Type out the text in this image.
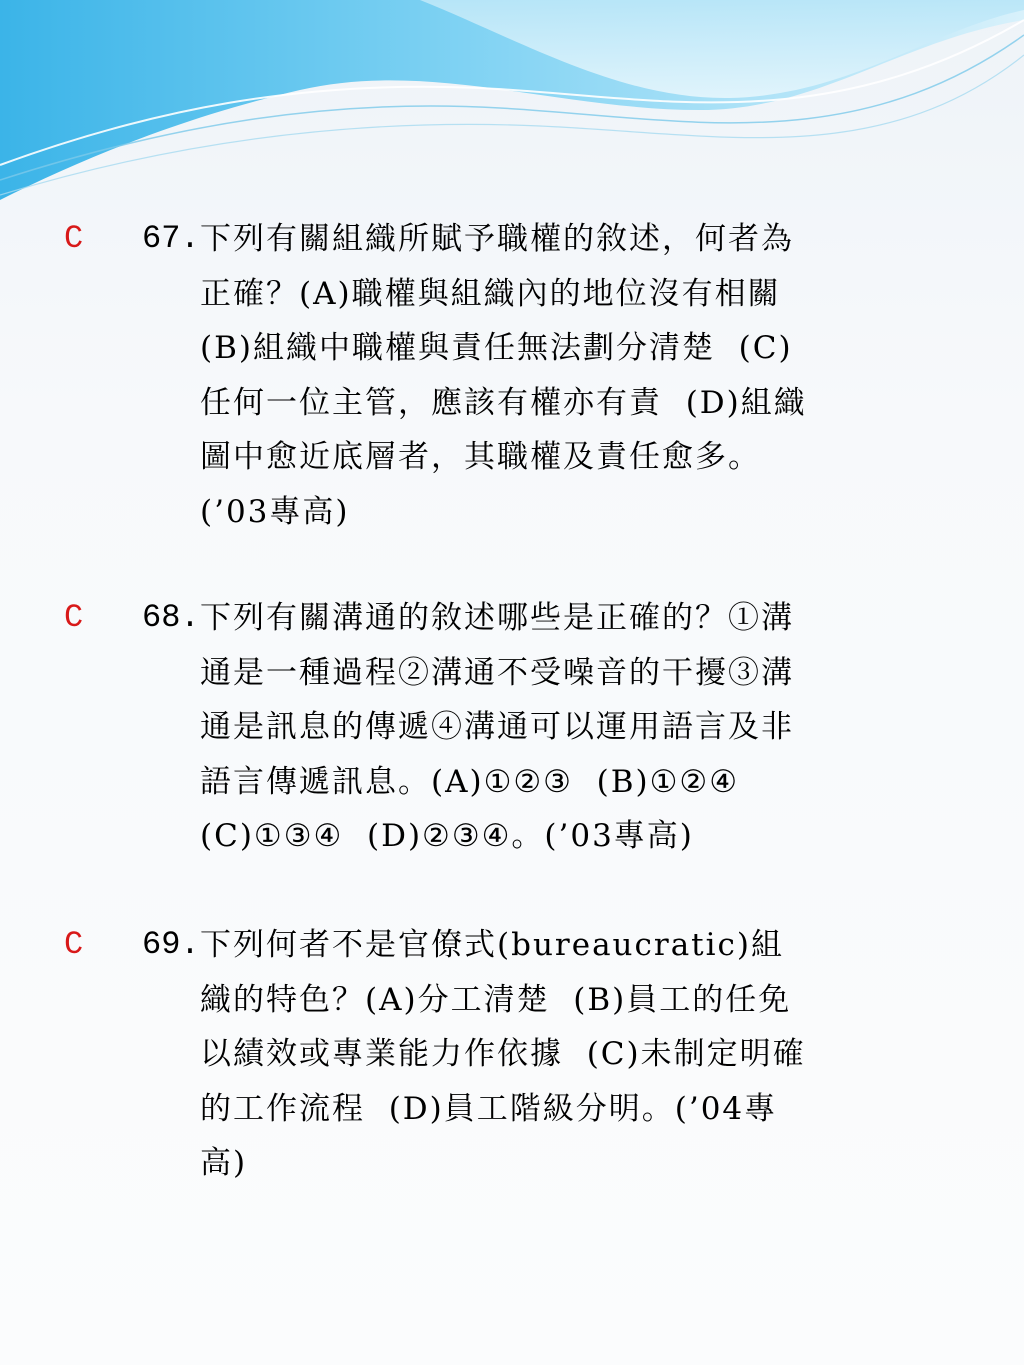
C 67. 下列有關組織所賦予職權的敘述，何者為
正確？(A)職權與組織內的地位沒有相關
(B)組織中職權與責任無法劃分清楚  (C)
任何一位主管，應該有權亦有責  (D)組織
圖中愈近底層者，其職權及責任愈多。
(’03專高)
C 68. 下列有關溝通的敘述哪些是正確的？①溝
通是一種過程②溝通不受噪音的干擾③溝
通是訊息的傳遞④溝通可以運用語言及非
語言傳遞訊息。(A)①②③  (B)①②④
(C)①③④  (D)②③④。(’03專高)
C 69. 下列何者不是官僚式(bureaucratic)組
織的特色？(A)分工清楚  (B)員工的任免
以績效或專業能力作依據  (C)未制定明確
的工作流程  (D)員工階級分明。(’04專
高)
